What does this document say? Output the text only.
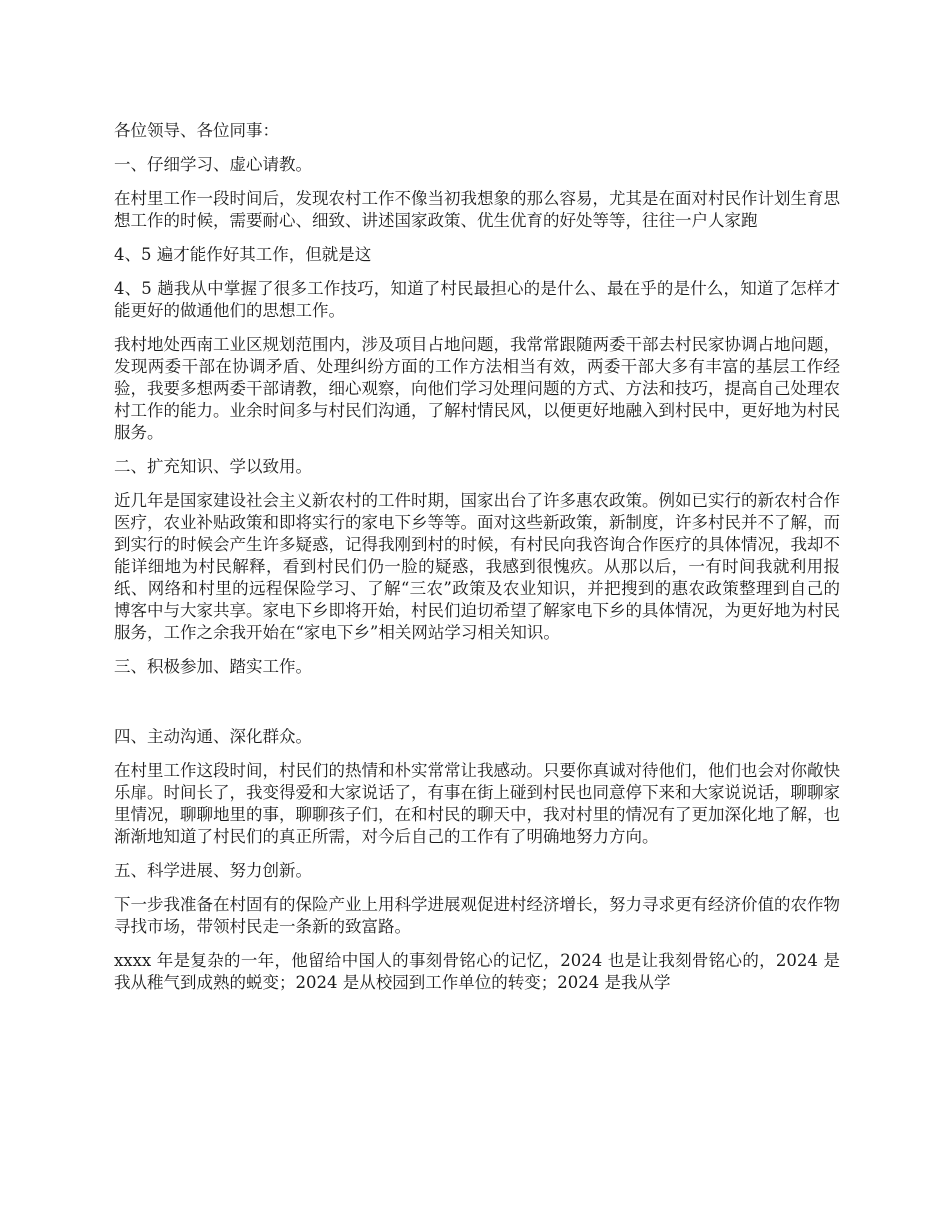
各位领导、各位同事：

一、仔细学习、虚心请教。

在村里工作一段时间后，发现农村工作不像当初我想象的那么容易，尤其是在面对村民作计划生育思想工作的时候，需要耐心、细致、讲述国家政策、优生优育的好处等等，往往一户人家跑

4、5 遍才能作好其工作，但就是这

4、5 趟我从中掌握了很多工作技巧，知道了村民最担心的是什么、最在乎的是什么，知道了怎样才能更好的做通他们的思想工作。

我村地处西南工业区规划范围内，涉及项目占地问题，我常常跟随两委干部去村民家协调占地问题，发现两委干部在协调矛盾、处理纠纷方面的工作方法相当有效，两委干部大多有丰富的基层工作经验，我要多想两委干部请教，细心观察，向他们学习处理问题的方式、方法和技巧，提高自己处理农村工作的能力。业余时间多与村民们沟通，了解村情民风，以便更好地融入到村民中，更好地为村民服务。

二、扩充知识、学以致用。

近几年是国家建设社会主义新农村的工件时期，国家出台了许多惠农政策。例如已实行的新农村合作医疗，农业补贴政策和即将实行的家电下乡等等。面对这些新政策，新制度，许多村民并不了解，而到实行的时候会产生许多疑惑，记得我刚到村的时候，有村民向我咨询合作医疗的具体情况，我却不能详细地为村民解释，看到村民们仍一脸的疑惑，我感到很愧疚。从那以后，一有时间我就利用报纸、网络和村里的远程保险学习、了解“三农”政策及农业知识，并把搜到的惠农政策整理到自己的博客中与大家共享。家电下乡即将开始，村民们迫切希望了解家电下乡的具体情况，为更好地为村民服务，工作之余我开始在“家电下乡”相关网站学习相关知识。

三、积极参加、踏实工作。

四、主动沟通、深化群众。

在村里工作这段时间，村民们的热情和朴实常常让我感动。只要你真诚对待他们，他们也会对你敞快乐扉。时间长了，我变得爱和大家说话了，有事在街上碰到村民也同意停下来和大家说说话，聊聊家里情况，聊聊地里的事，聊聊孩子们，在和村民的聊天中，我对村里的情况有了更加深化地了解，也渐渐地知道了村民们的真正所需，对今后自己的工作有了明确地努力方向。

五、科学进展、努力创新。

下一步我准备在村固有的保险产业上用科学进展观促进村经济增长，努力寻求更有经济价值的农作物寻找市场，带领村民走一条新的致富路。

xxxx 年是复杂的一年，他留给中国人的事刻骨铭心的记忆，2024 也是让我刻骨铭心的，2024 是我从稚气到成熟的蜕变；2024 是从校园到工作单位的转变；2024 是我从学
